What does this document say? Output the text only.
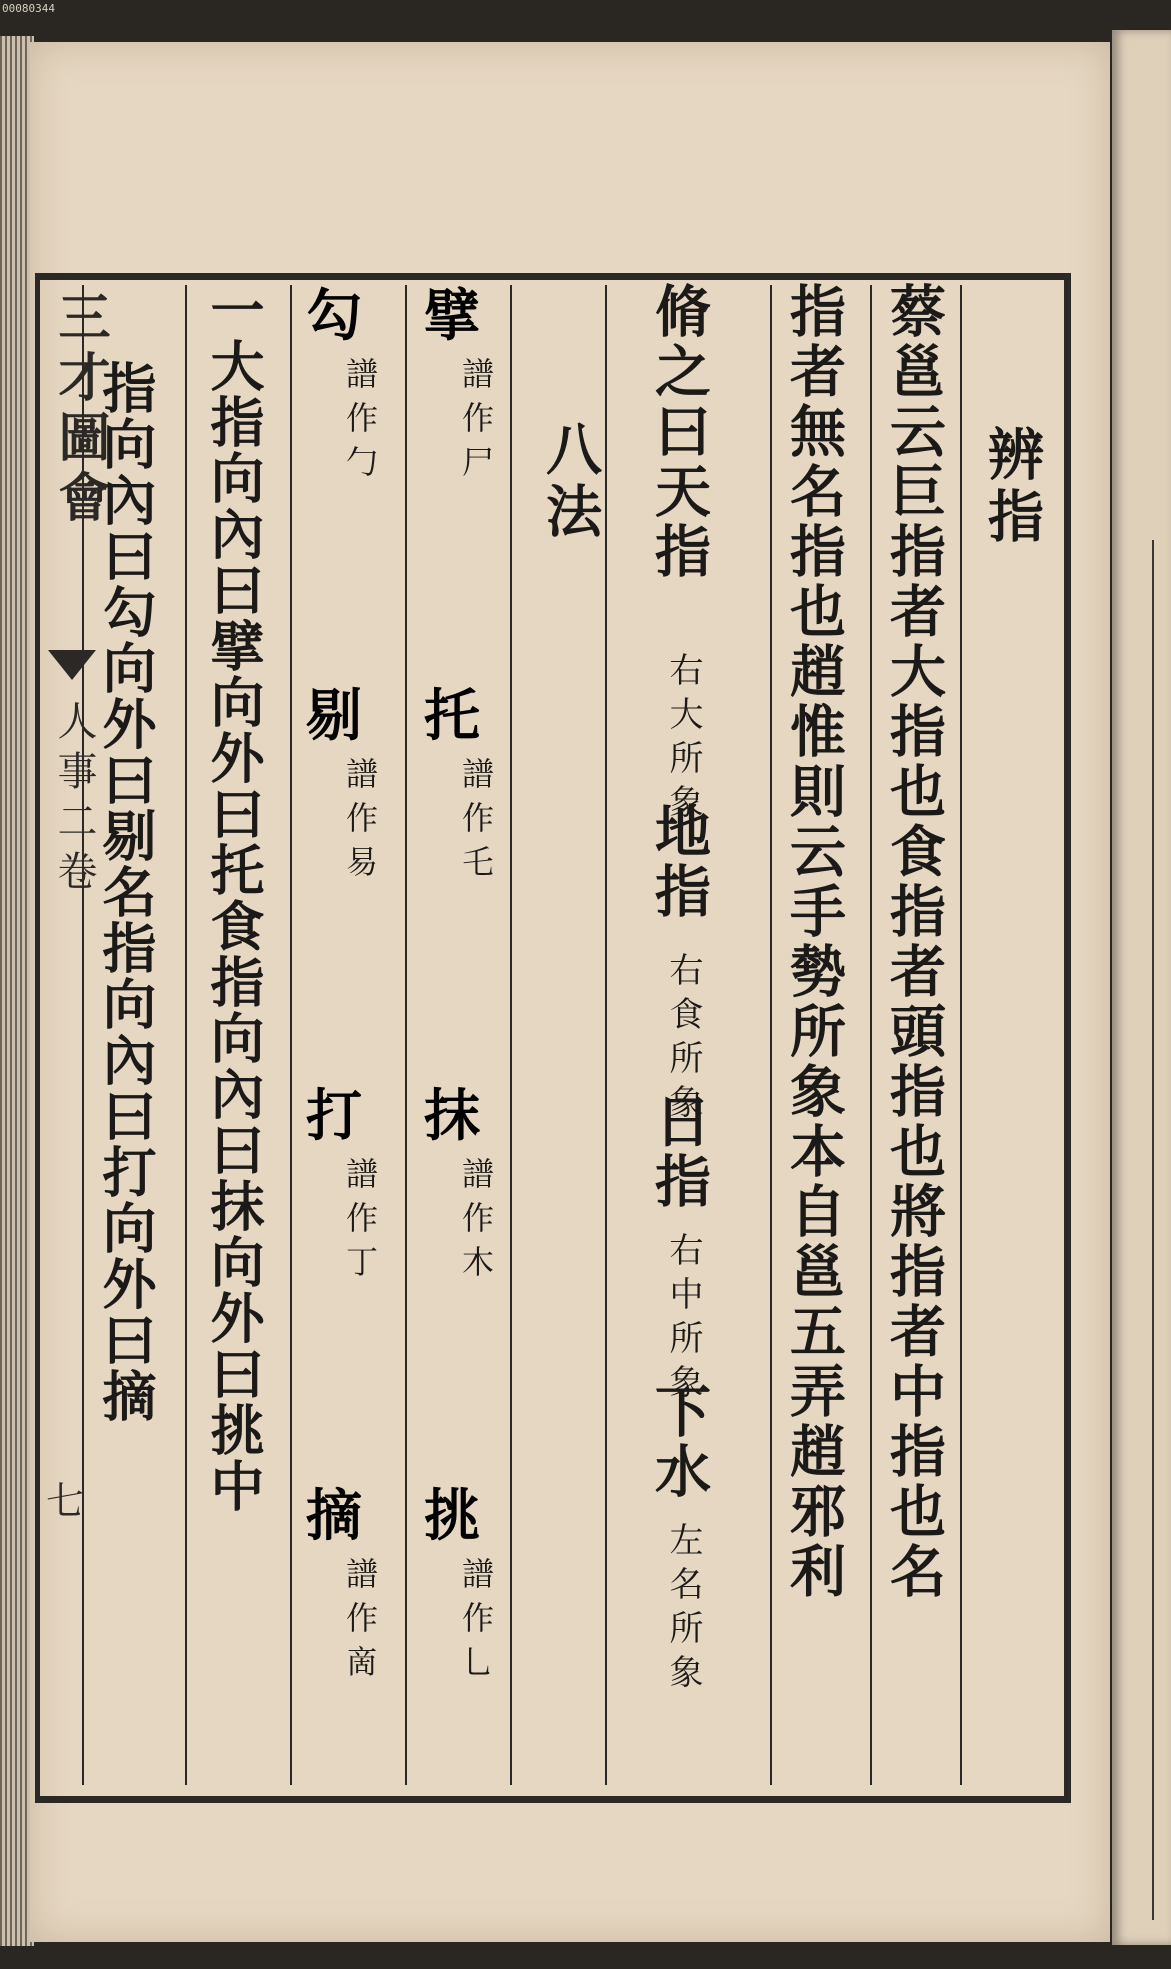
00080344
三才圖會
人事二卷
七
辨指
蔡邕云巨指者大指也食指者頭指也將指者中指也名
指者無名指也趙惟則云手勢所象本自邕五弄趙邪利
脩之曰天指
右大所象
地指
右食所象
日指
右中所象
下水
左名所象
八法
擘
譜作尸
托
譜作乇
抹
譜作木
挑
譜作乚
勾
譜作勹
剔
譜作易
打
譜作丁
摘
譜作啇
一大指向內曰擘向外曰托食指向內曰抹向外曰挑中
指向內曰勾向外曰剔名指向內曰打向外曰摘
